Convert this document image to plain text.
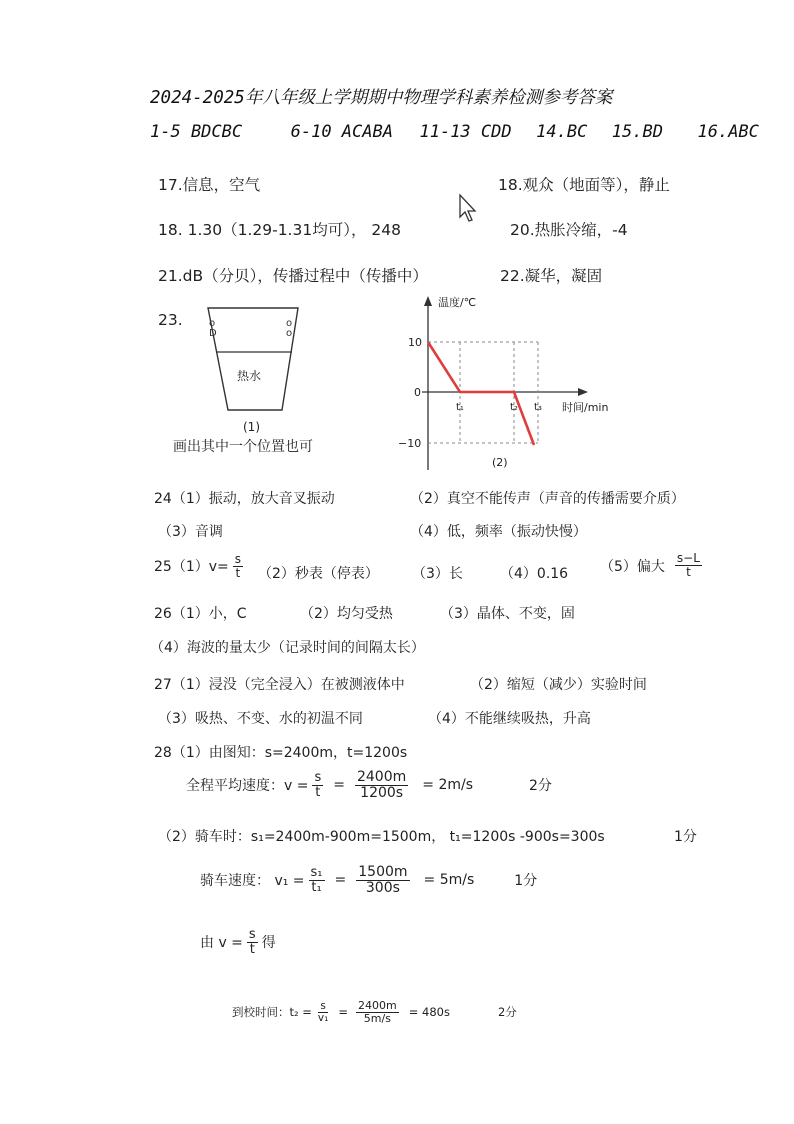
2024-2025年八年级上学期期中物理学科素养检测参考答案
1-5 BDCBC	6-10 ACABA 11-13 CDD 14.BC 15.BD 16.ABC
17.信息，空气	18.观众（地面等），静止
18. 1.30（1.29-1.31均可）， 248	20.热胀冷缩，-4
21.dB（分贝），传播过程中（传播中）	22.凝华，凝固
23.	o
D
o
o
热水
(1)
画出其中一个位置也可
温度/℃
时间/min
10
0
−10
t₁	t₂ t₃
(2)
24（1）振动，放大音叉振动	（2）真空不能传声（声音的传播需要介质）
（3）音调	（4）低，频率（振动快慢）
$25(1)v= \frac{s}{t} (2)$秒表（停表） （3）长	（4）0.16 （5）偏大 $\frac{s-L}{t}$
26（1）小，C	（2）均匀受热	（3）晶体、不变，固
（4）海波的量太少（记录时间的间隔太长）
27（1）浸没（完全浸入）在被测液体中	（2）缩短（减少）实验时间
（3）吸热、不变、水的初温不同	（4）不能继续吸热，升高
28（1）由图知：s=2400m，t=1200s
全程平均速度：$v = \frac{s}{t} = \frac{2400m}{1200s} = 2m/s$	2分
（2）骑车时：s₁=2400m-900m=1500m， t₁=1200s -900s=300s	1分
骑车速度： $v_1 = \frac{\text{s₁}}{\text{t₁}} = \frac{1500m}{300s} = 5m/s$	1分
由 $v = \frac{s}{t}$ 得
到校时间：$t_2 = \frac{s}{\text{v₁}} = \frac{2400m}{5m/s} = 480s$	2分
